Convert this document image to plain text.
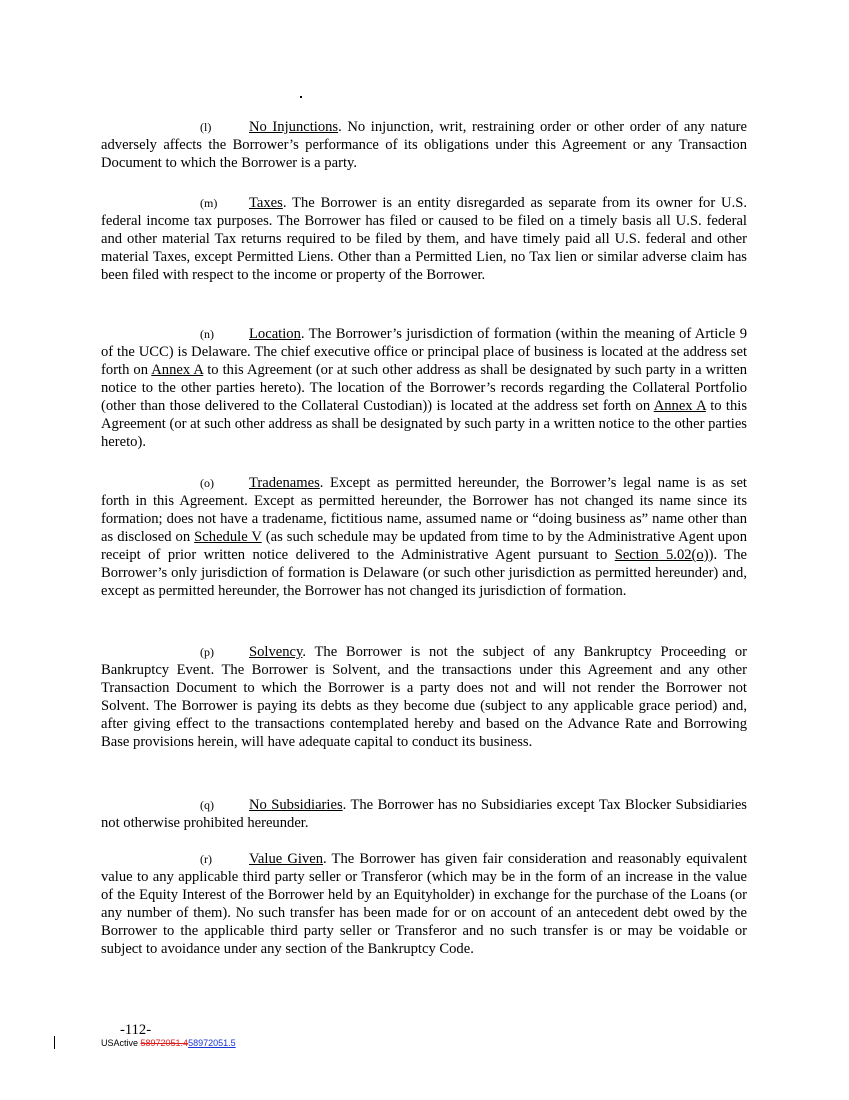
(l)	No Injunctions. No injunction, writ, restraining order or other order of any nature adversely affects the Borrower’s performance of its obligations under this Agreement or any Transaction Document to which the Borrower is a party.
(m) Taxes. The Borrower is an entity disregarded as separate from its owner for U.S. federal income tax purposes. The Borrower has filed or caused to be filed on a timely basis all U.S. federal and other material Tax returns required to be filed by them, and have timely paid all U.S. federal and other material Taxes, except Permitted Liens. Other than a Permitted Lien, no Tax lien or similar adverse claim has been filed with respect to the income or property of the Borrower.
(n) Location. The Borrower’s jurisdiction of formation (within the meaning of Article 9 of the UCC) is Delaware. The chief executive office or principal place of business is located at the address set forth on Annex A to this Agreement (or at such other address as shall be designated by such party in a written notice to the other parties hereto). The location of the Borrower’s records regarding the Collateral Portfolio (other than those delivered to the Collateral Custodian)) is located at the address set forth on Annex A to this Agreement (or at such other address as shall be designated by such party in a written notice to the other parties hereto).
(o) Tradenames. Except as permitted hereunder, the Borrower’s legal name is as set forth in this Agreement. Except as permitted hereunder, the Borrower has not changed its name since its formation; does not have a tradename, fictitious name, assumed name or “doing business as” name other than as disclosed on Schedule V (as such schedule may be updated from time to by the Administrative Agent upon receipt of prior written notice delivered to the Administrative Agent pursuant to Section 5.02(o)). The Borrower’s only jurisdiction of formation is Delaware (or such other jurisdiction as permitted hereunder) and, except as permitted hereunder, the Borrower has not changed its jurisdiction of formation.
(p) Solvency. The Borrower is not the subject of any Bankruptcy Proceeding or Bankruptcy Event. The Borrower is Solvent, and the transactions under this Agreement and any other Transaction Document to which the Borrower is a party does not and will not render the Borrower not Solvent. The Borrower is paying its debts as they become due (subject to any applicable grace period) and, after giving effect to the transactions contemplated hereby and based on the Advance Rate and Borrowing Base provisions herein, will have adequate capital to conduct its business.
(q) No Subsidiaries. The Borrower has no Subsidiaries except Tax Blocker Subsidiaries not otherwise prohibited hereunder.
(r)	Value Given. The Borrower has given fair consideration and reasonably equivalent value to any applicable third party seller or Transferor (which may be in the form of an increase in the value of the Equity Interest of the Borrower held by an Equityholder) in exchange for the purchase of the Loans (or any number of them). No such transfer has been made for or on account of an antecedent debt owed by the Borrower to the applicable third party seller or Transferor and no such transfer is or may be voidable or subject to avoidance under any section of the Bankruptcy Code.
-112-
USActive 58972051.458972051.5
